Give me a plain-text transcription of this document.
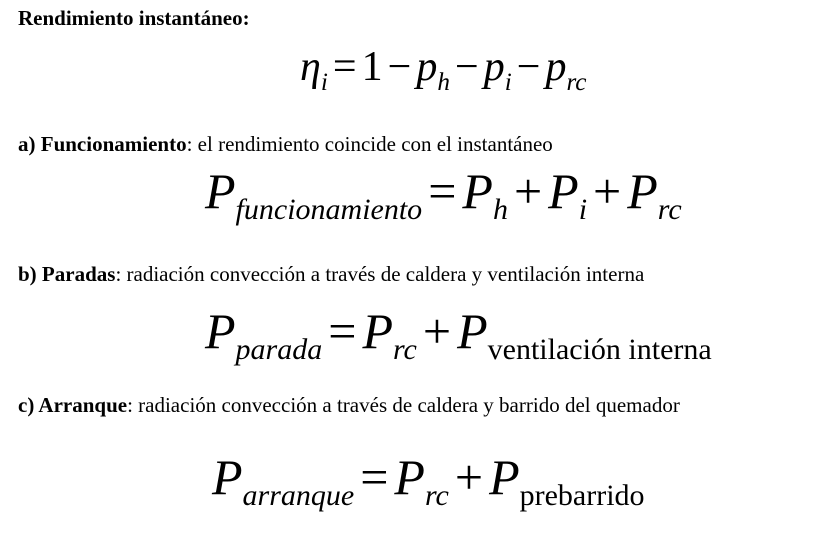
Rendimiento instantáneo:
$\eta_i = 1 - p_h - p_i - p_{rc}$
a) Funcionamiento: el rendimiento coincide con el instantáneo
$P_{funcionamiento} = P_h + P_i + P_{rc}$
b) Paradas: radiación convección a través de caldera y ventilación interna
$P_{parada} = P_{rc} + P_{ventilación interna}$
c) Arranque: radiación convección a través de caldera y barrido del quemador
$P_{arranque} = P_{rc} + P_{prebarrido}$
